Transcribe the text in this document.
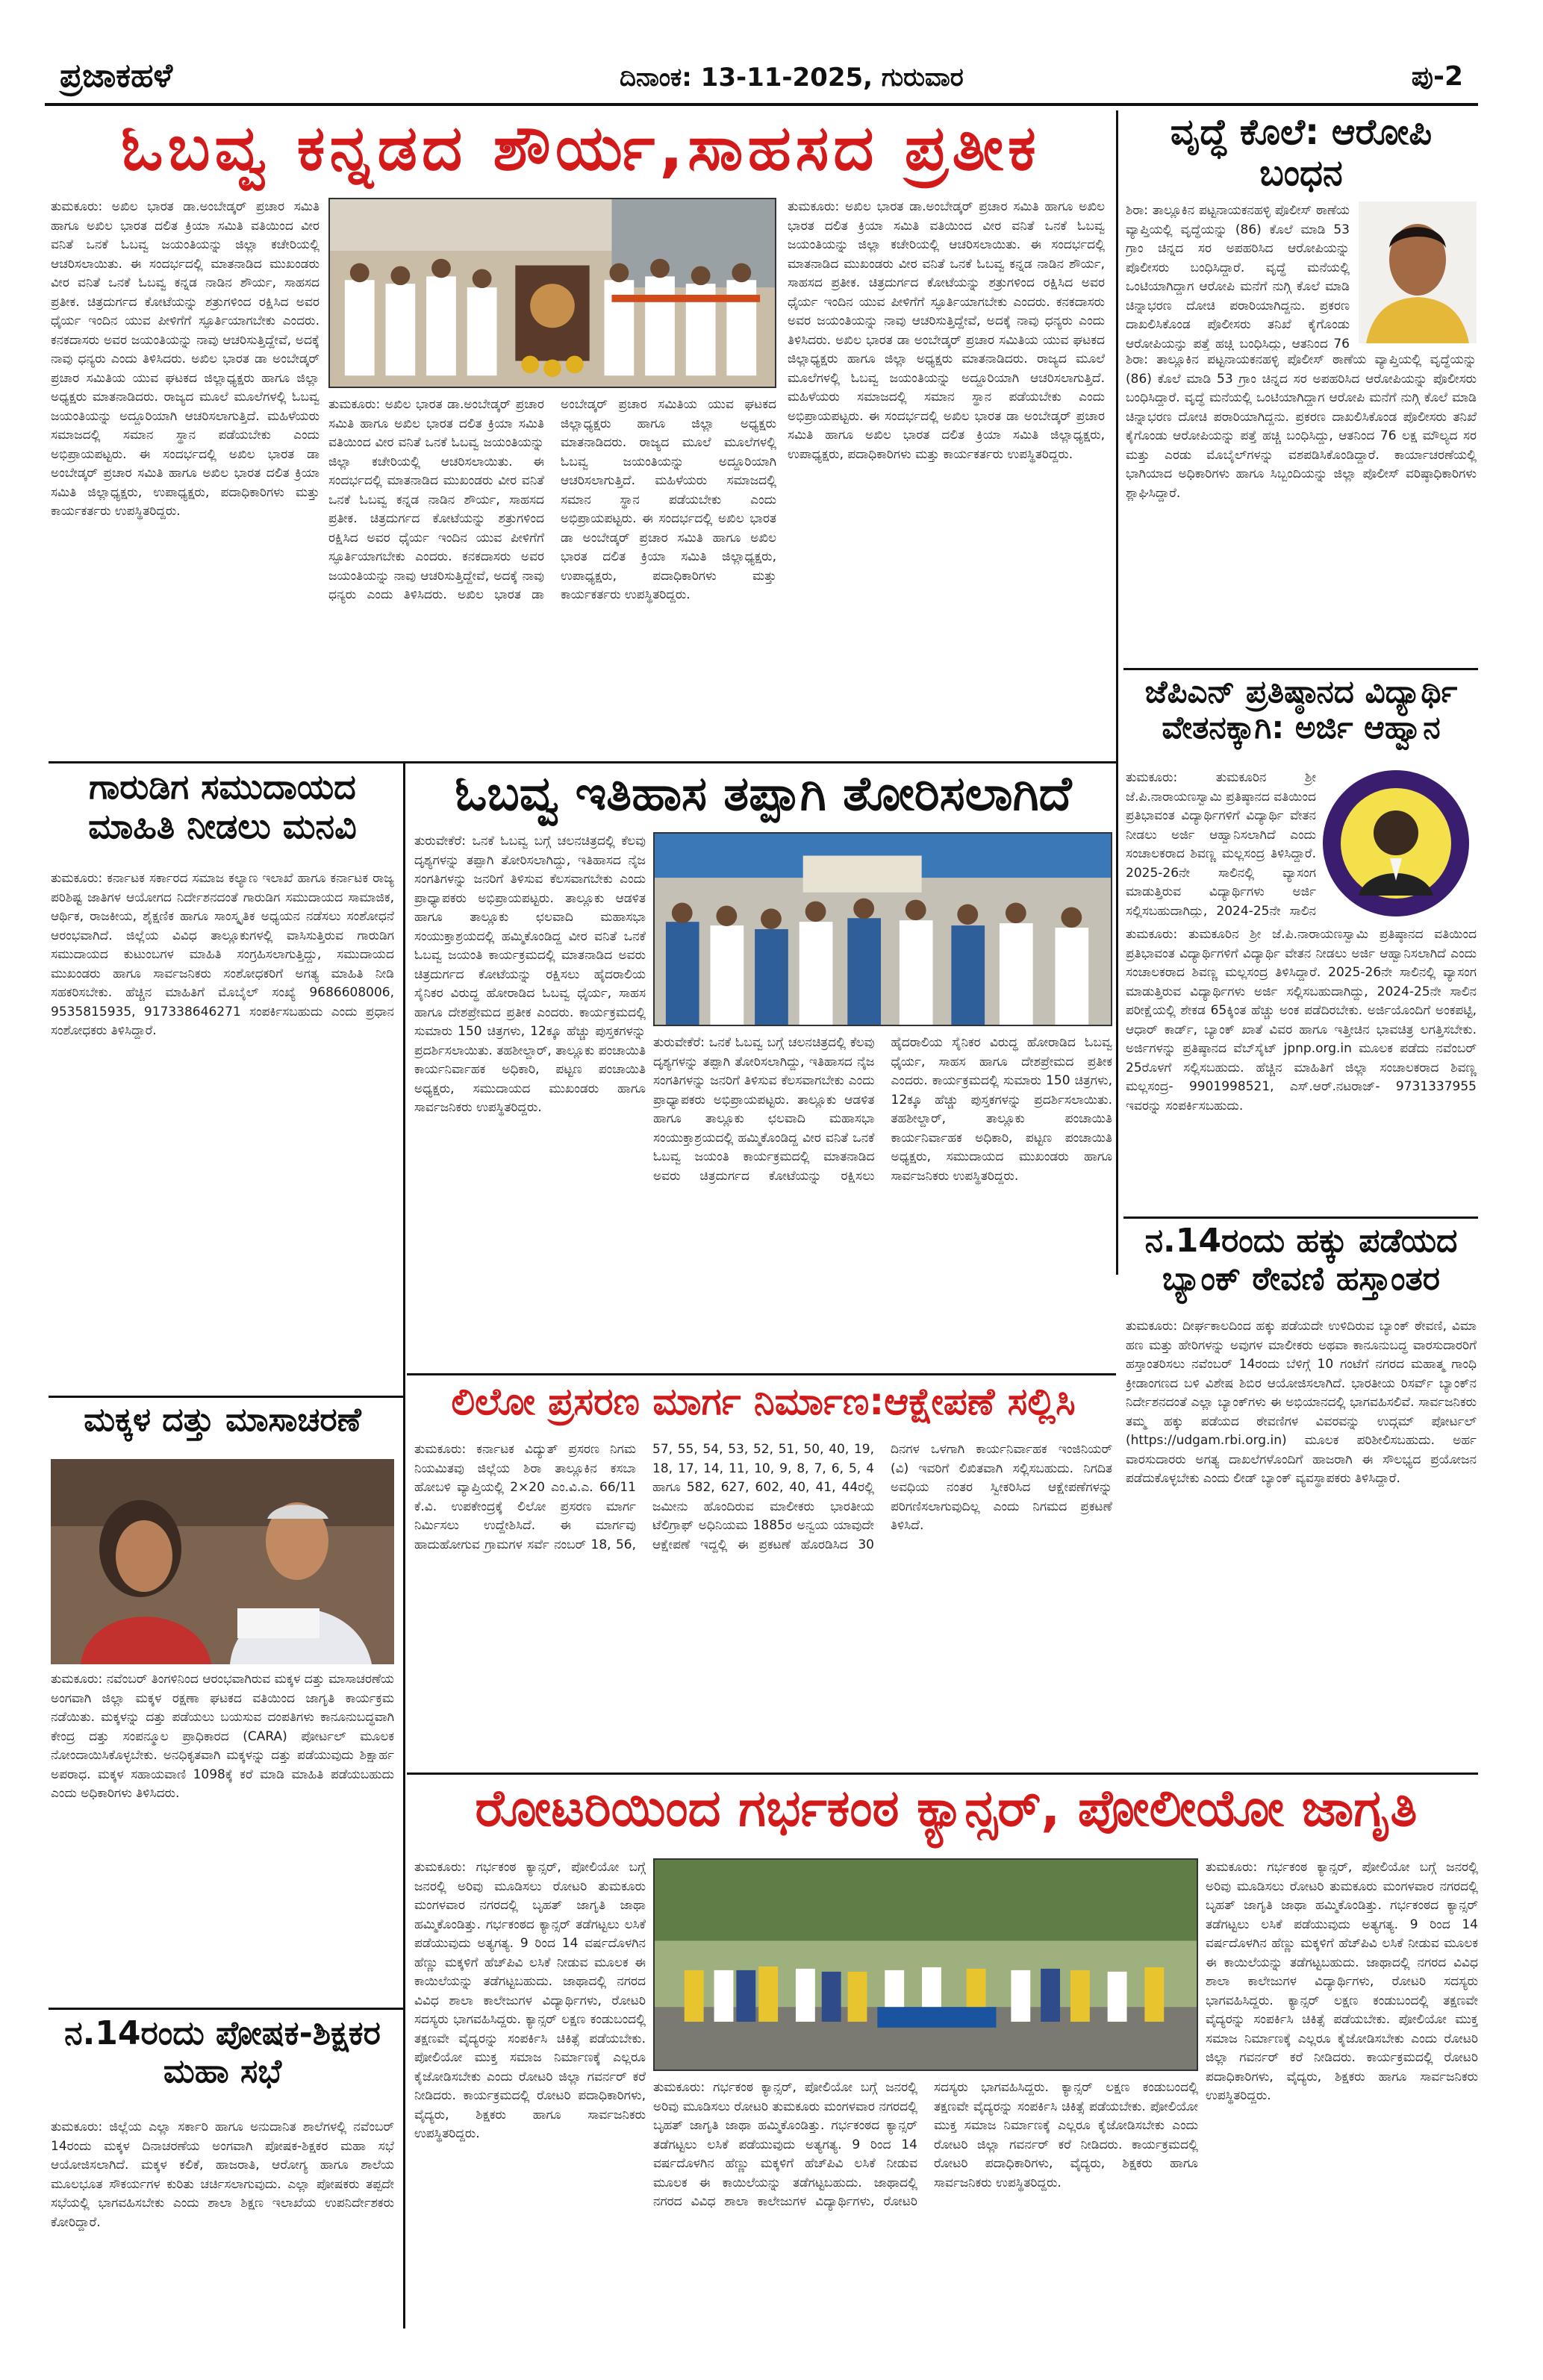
ಪ್ರಜಾಕಹಳೆ	ದಿನಾಂಕ: 13-11-2025, ಗುರುವಾರ	ಪು-2
ಓಬವ್ವ ಕನ್ನಡದ ಶೌರ್ಯ,ಸಾಹಸದ ಪ್ರತೀಕ
ತುಮಕೂರು: ಅಖಿಲ ಭಾರತ ಡಾ.ಅಂಬೇಡ್ಕರ್ ಪ್ರಚಾರ ಸಮಿತಿ ಹಾಗೂ ಅಖಿಲ ಭಾರತ ದಲಿತ ಕ್ರಿಯಾ ಸಮಿತಿ ವತಿಯಿಂದ ವೀರ ವನಿತೆ ಒನಕೆ ಓಬವ್ವ ಜಯಂತಿಯನ್ನು ಜಿಲ್ಲಾ ಕಚೇರಿಯಲ್ಲಿ ಆಚರಿಸಲಾಯಿತು. ಈ ಸಂದರ್ಭದಲ್ಲಿ ಮಾತನಾಡಿದ ಮುಖಂಡರು ವೀರ ವನಿತೆ ಒನಕೆ ಓಬವ್ವ ಕನ್ನಡ ನಾಡಿನ ಶೌರ್ಯ, ಸಾಹಸದ ಪ್ರತೀಕ. ಚಿತ್ರದುರ್ಗದ ಕೋಟೆಯನ್ನು ಶತ್ರುಗಳಿಂದ ರಕ್ಷಿಸಿದ ಅವರ ಧೈರ್ಯ ಇಂದಿನ ಯುವ ಪೀಳಿಗೆಗೆ ಸ್ಫೂರ್ತಿಯಾಗಬೇಕು ಎಂದರು. ಕನಕದಾಸರು ಅವರ ಜಯಂತಿಯನ್ನು ನಾವು ಆಚರಿಸುತ್ತಿದ್ದೇವೆ, ಅದಕ್ಕೆ ನಾವು ಧನ್ಯರು ಎಂದು ತಿಳಿಸಿದರು. ಅಖಿಲ ಭಾರತ ಡಾ ಅಂಬೇಡ್ಕರ್ ಪ್ರಚಾರ ಸಮಿತಿಯ ಯುವ ಘಟಕದ ಜಿಲ್ಲಾಧ್ಯಕ್ಷರು ಹಾಗೂ ಜಿಲ್ಲಾ ಅಧ್ಯಕ್ಷರು ಮಾತನಾಡಿದರು. ರಾಜ್ಯದ ಮೂಲೆ ಮೂಲೆಗಳಲ್ಲಿ ಓಬವ್ವ ಜಯಂತಿಯನ್ನು ಅದ್ದೂರಿಯಾಗಿ ಆಚರಿಸಲಾಗುತ್ತಿದೆ. ಮಹಿಳೆಯರು ಸಮಾಜದಲ್ಲಿ ಸಮಾನ ಸ್ಥಾನ ಪಡೆಯಬೇಕು ಎಂದು ಅಭಿಪ್ರಾಯಪಟ್ಟರು. ಈ ಸಂದರ್ಭದಲ್ಲಿ ಅಖಿಲ ಭಾರತ ಡಾ ಅಂಬೇಡ್ಕರ್ ಪ್ರಚಾರ ಸಮಿತಿ ಹಾಗೂ ಅಖಿಲ ಭಾರತ ದಲಿತ ಕ್ರಿಯಾ ಸಮಿತಿ ಜಿಲ್ಲಾಧ್ಯಕ್ಷರು, ಉಪಾಧ್ಯಕ್ಷರು, ಪದಾಧಿಕಾರಿಗಳು ಮತ್ತು ಕಾರ್ಯಕರ್ತರು ಉಪಸ್ಥಿತರಿದ್ದರು.
ತುಮಕೂರು: ಅಖಿಲ ಭಾರತ ಡಾ.ಅಂಬೇಡ್ಕರ್ ಪ್ರಚಾರ ಸಮಿತಿ ಹಾಗೂ ಅಖಿಲ ಭಾರತ ದಲಿತ ಕ್ರಿಯಾ ಸಮಿತಿ ವತಿಯಿಂದ ವೀರ ವನಿತೆ ಒನಕೆ ಓಬವ್ವ ಜಯಂತಿಯನ್ನು ಜಿಲ್ಲಾ ಕಚೇರಿಯಲ್ಲಿ ಆಚರಿಸಲಾಯಿತು. ಈ ಸಂದರ್ಭದಲ್ಲಿ ಮಾತನಾಡಿದ ಮುಖಂಡರು ವೀರ ವನಿತೆ ಒನಕೆ ಓಬವ್ವ ಕನ್ನಡ ನಾಡಿನ ಶೌರ್ಯ, ಸಾಹಸದ ಪ್ರತೀಕ. ಚಿತ್ರದುರ್ಗದ ಕೋಟೆಯನ್ನು ಶತ್ರುಗಳಿಂದ ರಕ್ಷಿಸಿದ ಅವರ ಧೈರ್ಯ ಇಂದಿನ ಯುವ ಪೀಳಿಗೆಗೆ ಸ್ಫೂರ್ತಿಯಾಗಬೇಕು ಎಂದರು. ಕನಕದಾಸರು ಅವರ ಜಯಂತಿಯನ್ನು ನಾವು ಆಚರಿಸುತ್ತಿದ್ದೇವೆ, ಅದಕ್ಕೆ ನಾವು ಧನ್ಯರು ಎಂದು ತಿಳಿಸಿದರು. ಅಖಿಲ ಭಾರತ ಡಾ ಅಂಬೇಡ್ಕರ್ ಪ್ರಚಾರ ಸಮಿತಿಯ ಯುವ ಘಟಕದ ಜಿಲ್ಲಾಧ್ಯಕ್ಷರು ಹಾಗೂ ಜಿಲ್ಲಾ ಅಧ್ಯಕ್ಷರು ಮಾತನಾಡಿದರು. ರಾಜ್ಯದ ಮೂಲೆ ಮೂಲೆಗಳಲ್ಲಿ ಓಬವ್ವ ಜಯಂತಿಯನ್ನು ಅದ್ದೂರಿಯಾಗಿ ಆಚರಿಸಲಾಗುತ್ತಿದೆ. ಮಹಿಳೆಯರು ಸಮಾಜದಲ್ಲಿ ಸಮಾನ ಸ್ಥಾನ ಪಡೆಯಬೇಕು ಎಂದು ಅಭಿಪ್ರಾಯಪಟ್ಟರು. ಈ ಸಂದರ್ಭದಲ್ಲಿ ಅಖಿಲ ಭಾರತ ಡಾ ಅಂಬೇಡ್ಕರ್ ಪ್ರಚಾರ ಸಮಿತಿ ಹಾಗೂ ಅಖಿಲ ಭಾರತ ದಲಿತ ಕ್ರಿಯಾ ಸಮಿತಿ ಜಿಲ್ಲಾಧ್ಯಕ್ಷರು, ಉಪಾಧ್ಯಕ್ಷರು, ಪದಾಧಿಕಾರಿಗಳು ಮತ್ತು ಕಾರ್ಯಕರ್ತರು ಉಪಸ್ಥಿತರಿದ್ದರು.
ತುಮಕೂರು: ಅಖಿಲ ಭಾರತ ಡಾ.ಅಂಬೇಡ್ಕರ್ ಪ್ರಚಾರ ಸಮಿತಿ ಹಾಗೂ ಅಖಿಲ ಭಾರತ ದಲಿತ ಕ್ರಿಯಾ ಸಮಿತಿ ವತಿಯಿಂದ ವೀರ ವನಿತೆ ಒನಕೆ ಓಬವ್ವ ಜಯಂತಿಯನ್ನು ಜಿಲ್ಲಾ ಕಚೇರಿಯಲ್ಲಿ ಆಚರಿಸಲಾಯಿತು. ಈ ಸಂದರ್ಭದಲ್ಲಿ ಮಾತನಾಡಿದ ಮುಖಂಡರು ವೀರ ವನಿತೆ ಒನಕೆ ಓಬವ್ವ ಕನ್ನಡ ನಾಡಿನ ಶೌರ್ಯ, ಸಾಹಸದ ಪ್ರತೀಕ. ಚಿತ್ರದುರ್ಗದ ಕೋಟೆಯನ್ನು ಶತ್ರುಗಳಿಂದ ರಕ್ಷಿಸಿದ ಅವರ ಧೈರ್ಯ ಇಂದಿನ ಯುವ ಪೀಳಿಗೆಗೆ ಸ್ಫೂರ್ತಿಯಾಗಬೇಕು ಎಂದರು. ಕನಕದಾಸರು ಅವರ ಜಯಂತಿಯನ್ನು ನಾವು ಆಚರಿಸುತ್ತಿದ್ದೇವೆ, ಅದಕ್ಕೆ ನಾವು ಧನ್ಯರು ಎಂದು ತಿಳಿಸಿದರು. ಅಖಿಲ ಭಾರತ ಡಾ ಅಂಬೇಡ್ಕರ್ ಪ್ರಚಾರ ಸಮಿತಿಯ ಯುವ ಘಟಕದ ಜಿಲ್ಲಾಧ್ಯಕ್ಷರು ಹಾಗೂ ಜಿಲ್ಲಾ ಅಧ್ಯಕ್ಷರು ಮಾತನಾಡಿದರು. ರಾಜ್ಯದ ಮೂಲೆ ಮೂಲೆಗಳಲ್ಲಿ ಓಬವ್ವ ಜಯಂತಿಯನ್ನು ಅದ್ದೂರಿಯಾಗಿ ಆಚರಿಸಲಾಗುತ್ತಿದೆ. ಮಹಿಳೆಯರು ಸಮಾಜದಲ್ಲಿ ಸಮಾನ ಸ್ಥಾನ ಪಡೆಯಬೇಕು ಎಂದು ಅಭಿಪ್ರಾಯಪಟ್ಟರು. ಈ ಸಂದರ್ಭದಲ್ಲಿ ಅಖಿಲ ಭಾರತ ಡಾ ಅಂಬೇಡ್ಕರ್ ಪ್ರಚಾರ ಸಮಿತಿ ಹಾಗೂ ಅಖಿಲ ಭಾರತ ದಲಿತ ಕ್ರಿಯಾ ಸಮಿತಿ ಜಿಲ್ಲಾಧ್ಯಕ್ಷರು, ಉಪಾಧ್ಯಕ್ಷರು, ಪದಾಧಿಕಾರಿಗಳು ಮತ್ತು ಕಾರ್ಯಕರ್ತರು ಉಪಸ್ಥಿತರಿದ್ದರು.
ವೃದ್ಧೆ ಕೊಲೆ: ಆರೋಪಿ ಬಂಧನ
ಶಿರಾ: ತಾಲ್ಲೂಕಿನ ಪಟ್ಟನಾಯಕನಹಳ್ಳಿ ಪೊಲೀಸ್ ಠಾಣೆಯ ವ್ಯಾಪ್ತಿಯಲ್ಲಿ ವೃದ್ಧೆಯನ್ನು (86) ಕೊಲೆ ಮಾಡಿ 53 ಗ್ರಾಂ ಚಿನ್ನದ ಸರ ಅಪಹರಿಸಿದ ಆರೋಪಿಯನ್ನು ಪೊಲೀಸರು ಬಂಧಿಸಿದ್ದಾರೆ. ವೃದ್ಧೆ ಮನೆಯಲ್ಲಿ ಒಂಟಿಯಾಗಿದ್ದಾಗ ಆರೋಪಿ ಮನೆಗೆ ನುಗ್ಗಿ ಕೊಲೆ ಮಾಡಿ ಚಿನ್ನಾಭರಣ ದೋಚಿ ಪರಾರಿಯಾಗಿದ್ದನು. ಪ್ರಕರಣ ದಾಖಲಿಸಿಕೊಂಡ ಪೊಲೀಸರು ತನಿಖೆ ಕೈಗೊಂಡು ಆರೋಪಿಯನ್ನು ಪತ್ತೆ ಹಚ್ಚಿ ಬಂಧಿಸಿದ್ದು, ಆತನಿಂದ 76
ಶಿರಾ: ತಾಲ್ಲೂಕಿನ ಪಟ್ಟನಾಯಕನಹಳ್ಳಿ ಪೊಲೀಸ್ ಠಾಣೆಯ ವ್ಯಾಪ್ತಿಯಲ್ಲಿ ವೃದ್ಧೆಯನ್ನು (86) ಕೊಲೆ ಮಾಡಿ 53 ಗ್ರಾಂ ಚಿನ್ನದ ಸರ ಅಪಹರಿಸಿದ ಆರೋಪಿಯನ್ನು ಪೊಲೀಸರು ಬಂಧಿಸಿದ್ದಾರೆ. ವೃದ್ಧೆ ಮನೆಯಲ್ಲಿ ಒಂಟಿಯಾಗಿದ್ದಾಗ ಆರೋಪಿ ಮನೆಗೆ ನುಗ್ಗಿ ಕೊಲೆ ಮಾಡಿ ಚಿನ್ನಾಭರಣ ದೋಚಿ ಪರಾರಿಯಾಗಿದ್ದನು. ಪ್ರಕರಣ ದಾಖಲಿಸಿಕೊಂಡ ಪೊಲೀಸರು ತನಿಖೆ ಕೈಗೊಂಡು ಆರೋಪಿಯನ್ನು ಪತ್ತೆ ಹಚ್ಚಿ ಬಂಧಿಸಿದ್ದು, ಆತನಿಂದ 76 ಲಕ್ಷ ಮೌಲ್ಯದ ಸರ ಮತ್ತು ಎರಡು ಮೊಬೈಲ್‌ಗಳನ್ನು ವಶಪಡಿಸಿಕೊಂಡಿದ್ದಾರೆ. ಕಾರ್ಯಾಚರಣೆಯಲ್ಲಿ ಭಾಗಿಯಾದ ಅಧಿಕಾರಿಗಳು ಹಾಗೂ ಸಿಬ್ಬಂದಿಯನ್ನು ಜಿಲ್ಲಾ ಪೊಲೀಸ್ ವರಿಷ್ಠಾಧಿಕಾರಿಗಳು ಶ್ಲಾಘಿಸಿದ್ದಾರೆ.
ಜೆಪಿಎನ್ ಪ್ರತಿಷ್ಠಾನದ ವಿದ್ಯಾರ್ಥಿ ವೇತನಕ್ಕಾಗಿ: ಅರ್ಜಿ ಆಹ್ವಾನ
ತುಮಕೂರು: ತುಮಕೂರಿನ ಶ್ರೀ ಜೆ.ಪಿ.ನಾರಾಯಣಸ್ವಾಮಿ ಪ್ರತಿಷ್ಠಾನದ ವತಿಯಿಂದ ಪ್ರತಿಭಾವಂತ ವಿದ್ಯಾರ್ಥಿಗಳಿಗೆ ವಿದ್ಯಾರ್ಥಿ ವೇತನ ನೀಡಲು ಅರ್ಜಿ ಆಹ್ವಾನಿಸಲಾಗಿದೆ ಎಂದು ಸಂಚಾಲಕರಾದ ಶಿವಣ್ಣ ಮಲ್ಲಸಂದ್ರ ತಿಳಿಸಿದ್ದಾರೆ. 2025-26ನೇ ಸಾಲಿನಲ್ಲಿ ವ್ಯಾಸಂಗ ಮಾಡುತ್ತಿರುವ ವಿದ್ಯಾರ್ಥಿಗಳು ಅರ್ಜಿ ಸಲ್ಲಿಸಬಹುದಾಗಿದ್ದು, 2024-25ನೇ ಸಾಲಿನ
ತುಮಕೂರು: ತುಮಕೂರಿನ ಶ್ರೀ ಜೆ.ಪಿ.ನಾರಾಯಣಸ್ವಾಮಿ ಪ್ರತಿಷ್ಠಾನದ ವತಿಯಿಂದ ಪ್ರತಿಭಾವಂತ ವಿದ್ಯಾರ್ಥಿಗಳಿಗೆ ವಿದ್ಯಾರ್ಥಿ ವೇತನ ನೀಡಲು ಅರ್ಜಿ ಆಹ್ವಾನಿಸಲಾಗಿದೆ ಎಂದು ಸಂಚಾಲಕರಾದ ಶಿವಣ್ಣ ಮಲ್ಲಸಂದ್ರ ತಿಳಿಸಿದ್ದಾರೆ. 2025-26ನೇ ಸಾಲಿನಲ್ಲಿ ವ್ಯಾಸಂಗ ಮಾಡುತ್ತಿರುವ ವಿದ್ಯಾರ್ಥಿಗಳು ಅರ್ಜಿ ಸಲ್ಲಿಸಬಹುದಾಗಿದ್ದು, 2024-25ನೇ ಸಾಲಿನ ಪರೀಕ್ಷೆಯಲ್ಲಿ ಶೇಕಡ 65ಕ್ಕಿಂತ ಹೆಚ್ಚು ಅಂಕ ಪಡೆದಿರಬೇಕು. ಅರ್ಜಿಯೊಂದಿಗೆ ಅಂಕಪಟ್ಟಿ, ಆಧಾರ್ ಕಾರ್ಡ್, ಬ್ಯಾಂಕ್ ಖಾತೆ ವಿವರ ಹಾಗೂ ಇತ್ತೀಚಿನ ಭಾವಚಿತ್ರ ಲಗತ್ತಿಸಬೇಕು. ಅರ್ಜಿಗಳನ್ನು ಪ್ರತಿಷ್ಠಾನದ ವೆಬ್‌ಸೈಟ್ jpnp.org.in ಮೂಲಕ ಪಡೆದು ನವೆಂಬರ್ 25ರೊಳಗೆ ಸಲ್ಲಿಸಬಹುದು. ಹೆಚ್ಚಿನ ಮಾಹಿತಿಗೆ ಜಿಲ್ಲಾ ಸಂಚಾಲಕರಾದ ಶಿವಣ್ಣ ಮಲ್ಲಸಂದ್ರ- 9901998521, ಎಸ್.ಆರ್.ನಟರಾಜ್- 9731337955 ಇವರನ್ನು ಸಂಪರ್ಕಿಸಬಹುದು.
ನ.14ರಂದು ಹಕ್ಕು ಪಡೆಯದ ಬ್ಯಾಂಕ್ ಠೇವಣಿ ಹಸ್ತಾಂತರ
ತುಮಕೂರು: ದೀರ್ಘಕಾಲದಿಂದ ಹಕ್ಕು ಪಡೆಯದೇ ಉಳಿದಿರುವ ಬ್ಯಾಂಕ್ ಠೇವಣಿ, ವಿಮಾ ಹಣ ಮತ್ತು ಹೇರಿಗಳನ್ನು ಅವುಗಳ ಮಾಲೀಕರು ಅಥವಾ ಕಾನೂನುಬದ್ಧ ವಾರಸುದಾರರಿಗೆ ಹಸ್ತಾಂತರಿಸಲು ನವೆಂಬರ್ 14ರಂದು ಬೆಳಿಗ್ಗೆ 10 ಗಂಟೆಗೆ ನಗರದ ಮಹಾತ್ಮ ಗಾಂಧಿ ಕ್ರೀಡಾಂಗಣದ ಬಳಿ ವಿಶೇಷ ಶಿಬಿರ ಆಯೋಜಿಸಲಾಗಿದೆ. ಭಾರತೀಯ ರಿಸರ್ವ್ ಬ್ಯಾಂಕ್‌ನ ನಿರ್ದೇಶನದಂತೆ ಎಲ್ಲಾ ಬ್ಯಾಂಕ್‌ಗಳು ಈ ಅಭಿಯಾನದಲ್ಲಿ ಭಾಗವಹಿಸಲಿವೆ. ಸಾರ್ವಜನಿಕರು ತಮ್ಮ ಹಕ್ಕು ಪಡೆಯದ ಠೇವಣಿಗಳ ವಿವರವನ್ನು ಉದ್ಗಮ್ ಪೋರ್ಟಲ್ (https://udgam.rbi.org.in) ಮೂಲಕ ಪರಿಶೀಲಿಸಬಹುದು. ಅರ್ಹ ವಾರಸುದಾರರು ಅಗತ್ಯ ದಾಖಲೆಗಳೊಂದಿಗೆ ಹಾಜರಾಗಿ ಈ ಸೌಲಭ್ಯದ ಪ್ರಯೋಜನ ಪಡೆದುಕೊಳ್ಳಬೇಕು ಎಂದು ಲೀಡ್ ಬ್ಯಾಂಕ್ ವ್ಯವಸ್ಥಾಪಕರು ತಿಳಿಸಿದ್ದಾರೆ.
ಗಾರುಡಿಗ ಸಮುದಾಯದ ಮಾಹಿತಿ ನೀಡಲು ಮನವಿ
ತುಮಕೂರು: ಕರ್ನಾಟಕ ಸರ್ಕಾರದ ಸಮಾಜ ಕಲ್ಯಾಣ ಇಲಾಖೆ ಹಾಗೂ ಕರ್ನಾಟಕ ರಾಜ್ಯ ಪರಿಶಿಷ್ಟ ಜಾತಿಗಳ ಆಯೋಗದ ನಿರ್ದೇಶನದಂತೆ ಗಾರುಡಿಗ ಸಮುದಾಯದ ಸಾಮಾಜಿಕ, ಆರ್ಥಿಕ, ರಾಜಕೀಯ, ಶೈಕ್ಷಣಿಕ ಹಾಗೂ ಸಾಂಸ್ಕೃತಿಕ ಅಧ್ಯಯನ ನಡೆಸಲು ಸಂಶೋಧನೆ ಆರಂಭವಾಗಿದೆ. ಜಿಲ್ಲೆಯ ವಿವಿಧ ತಾಲ್ಲೂಕುಗಳಲ್ಲಿ ವಾಸಿಸುತ್ತಿರುವ ಗಾರುಡಿಗ ಸಮುದಾಯದ ಕುಟುಂಬಗಳ ಮಾಹಿತಿ ಸಂಗ್ರಹಿಸಲಾಗುತ್ತಿದ್ದು, ಸಮುದಾಯದ ಮುಖಂಡರು ಹಾಗೂ ಸಾರ್ವಜನಿಕರು ಸಂಶೋಧಕರಿಗೆ ಅಗತ್ಯ ಮಾಹಿತಿ ನೀಡಿ ಸಹಕರಿಸಬೇಕು. ಹೆಚ್ಚಿನ ಮಾಹಿತಿಗೆ ಮೊಬೈಲ್ ಸಂಖ್ಯೆ 9686608006, 9535815935, 917338646271 ಸಂಪರ್ಕಿಸಬಹುದು ಎಂದು ಪ್ರಧಾನ ಸಂಶೋಧಕರು ತಿಳಿಸಿದ್ದಾರೆ.
ಓಬವ್ವ ಇತಿಹಾಸ ತಪ್ಪಾಗಿ ತೋರಿಸಲಾಗಿದೆ
ತುರುವೇಕೆರೆ: ಒನಕೆ ಓಬವ್ವ ಬಗ್ಗೆ ಚಲನಚಿತ್ರದಲ್ಲಿ ಕೆಲವು ದೃಶ್ಯಗಳನ್ನು ತಪ್ಪಾಗಿ ತೋರಿಸಲಾಗಿದ್ದು, ಇತಿಹಾಸದ ನೈಜ ಸಂಗತಿಗಳನ್ನು ಜನರಿಗೆ ತಿಳಿಸುವ ಕೆಲಸವಾಗಬೇಕು ಎಂದು ಪ್ರಾಧ್ಯಾಪಕರು ಅಭಿಪ್ರಾಯಪಟ್ಟರು. ತಾಲ್ಲೂಕು ಆಡಳಿತ ಹಾಗೂ ತಾಲ್ಲೂಕು ಛಲವಾದಿ ಮಹಾಸಭಾ ಸಂಯುಕ್ತಾಶ್ರಯದಲ್ಲಿ ಹಮ್ಮಿಕೊಂಡಿದ್ದ ವೀರ ವನಿತೆ ಒನಕೆ ಓಬವ್ವ ಜಯಂತಿ ಕಾರ್ಯಕ್ರಮದಲ್ಲಿ ಮಾತನಾಡಿದ ಅವರು ಚಿತ್ರದುರ್ಗದ ಕೋಟೆಯನ್ನು ರಕ್ಷಿಸಲು ಹೈದರಾಲಿಯ ಸೈನಿಕರ ವಿರುದ್ಧ ಹೋರಾಡಿದ ಓಬವ್ವ ಧೈರ್ಯ, ಸಾಹಸ ಹಾಗೂ ದೇಶಪ್ರೇಮದ ಪ್ರತೀಕ ಎಂದರು. ಕಾರ್ಯಕ್ರಮದಲ್ಲಿ ಸುಮಾರು 150 ಚಿತ್ರಗಳು, 12ಕ್ಕೂ ಹೆಚ್ಚು ಪುಸ್ತಕಗಳನ್ನು ಪ್ರದರ್ಶಿಸಲಾಯಿತು. ತಹಶೀಲ್ದಾರ್, ತಾಲ್ಲೂಕು ಪಂಚಾಯಿತಿ ಕಾರ್ಯನಿರ್ವಾಹಕ ಅಧಿಕಾರಿ, ಪಟ್ಟಣ ಪಂಚಾಯಿತಿ ಅಧ್ಯಕ್ಷರು, ಸಮುದಾಯದ ಮುಖಂಡರು ಹಾಗೂ ಸಾರ್ವಜನಿಕರು ಉಪಸ್ಥಿತರಿದ್ದರು.
ತುರುವೇಕೆರೆ: ಒನಕೆ ಓಬವ್ವ ಬಗ್ಗೆ ಚಲನಚಿತ್ರದಲ್ಲಿ ಕೆಲವು ದೃಶ್ಯಗಳನ್ನು ತಪ್ಪಾಗಿ ತೋರಿಸಲಾಗಿದ್ದು, ಇತಿಹಾಸದ ನೈಜ ಸಂಗತಿಗಳನ್ನು ಜನರಿಗೆ ತಿಳಿಸುವ ಕೆಲಸವಾಗಬೇಕು ಎಂದು ಪ್ರಾಧ್ಯಾಪಕರು ಅಭಿಪ್ರಾಯಪಟ್ಟರು. ತಾಲ್ಲೂಕು ಆಡಳಿತ ಹಾಗೂ ತಾಲ್ಲೂಕು ಛಲವಾದಿ ಮಹಾಸಭಾ ಸಂಯುಕ್ತಾಶ್ರಯದಲ್ಲಿ ಹಮ್ಮಿಕೊಂಡಿದ್ದ ವೀರ ವನಿತೆ ಒನಕೆ ಓಬವ್ವ ಜಯಂತಿ ಕಾರ್ಯಕ್ರಮದಲ್ಲಿ ಮಾತನಾಡಿದ ಅವರು ಚಿತ್ರದುರ್ಗದ ಕೋಟೆಯನ್ನು ರಕ್ಷಿಸಲು ಹೈದರಾಲಿಯ ಸೈನಿಕರ ವಿರುದ್ಧ ಹೋರಾಡಿದ ಓಬವ್ವ ಧೈರ್ಯ, ಸಾಹಸ ಹಾಗೂ ದೇಶಪ್ರೇಮದ ಪ್ರತೀಕ ಎಂದರು. ಕಾರ್ಯಕ್ರಮದಲ್ಲಿ ಸುಮಾರು 150 ಚಿತ್ರಗಳು, 12ಕ್ಕೂ ಹೆಚ್ಚು ಪುಸ್ತಕಗಳನ್ನು ಪ್ರದರ್ಶಿಸಲಾಯಿತು. ತಹಶೀಲ್ದಾರ್, ತಾಲ್ಲೂಕು ಪಂಚಾಯಿತಿ ಕಾರ್ಯನಿರ್ವಾಹಕ ಅಧಿಕಾರಿ, ಪಟ್ಟಣ ಪಂಚಾಯಿತಿ ಅಧ್ಯಕ್ಷರು, ಸಮುದಾಯದ ಮುಖಂಡರು ಹಾಗೂ ಸಾರ್ವಜನಿಕರು ಉಪಸ್ಥಿತರಿದ್ದರು.
ಮಕ್ಕಳ ದತ್ತು ಮಾಸಾಚರಣೆ
ತುಮಕೂರು: ನವೆಂಬರ್ ತಿಂಗಳಿನಿಂದ ಆರಂಭವಾಗಿರುವ ಮಕ್ಕಳ ದತ್ತು ಮಾಸಾಚರಣೆಯ ಅಂಗವಾಗಿ ಜಿಲ್ಲಾ ಮಕ್ಕಳ ರಕ್ಷಣಾ ಘಟಕದ ವತಿಯಿಂದ ಜಾಗೃತಿ ಕಾರ್ಯಕ್ರಮ ನಡೆಯಿತು. ಮಕ್ಕಳನ್ನು ದತ್ತು ಪಡೆಯಲು ಬಯಸುವ ದಂಪತಿಗಳು ಕಾನೂನುಬದ್ಧವಾಗಿ ಕೇಂದ್ರ ದತ್ತು ಸಂಪನ್ಮೂಲ ಪ್ರಾಧಿಕಾರದ (CARA) ಪೋರ್ಟಲ್ ಮೂಲಕ ನೋಂದಾಯಿಸಿಕೊಳ್ಳಬೇಕು. ಅನಧಿಕೃತವಾಗಿ ಮಕ್ಕಳನ್ನು ದತ್ತು ಪಡೆಯುವುದು ಶಿಕ್ಷಾರ್ಹ ಅಪರಾಧ. ಮಕ್ಕಳ ಸಹಾಯವಾಣಿ 1098ಕ್ಕೆ ಕರೆ ಮಾಡಿ ಮಾಹಿತಿ ಪಡೆಯಬಹುದು ಎಂದು ಅಧಿಕಾರಿಗಳು ತಿಳಿಸಿದರು.
ನ.14ರಂದು ಪೋಷಕ-ಶಿಕ್ಷಕರ ಮಹಾ ಸಭೆ
ತುಮಕೂರು: ಜಿಲ್ಲೆಯ ಎಲ್ಲಾ ಸರ್ಕಾರಿ ಹಾಗೂ ಅನುದಾನಿತ ಶಾಲೆಗಳಲ್ಲಿ ನವೆಂಬರ್ 14ರಂದು ಮಕ್ಕಳ ದಿನಾಚರಣೆಯ ಅಂಗವಾಗಿ ಪೋಷಕ-ಶಿಕ್ಷಕರ ಮಹಾ ಸಭೆ ಆಯೋಜಿಸಲಾಗಿದೆ. ಮಕ್ಕಳ ಕಲಿಕೆ, ಹಾಜರಾತಿ, ಆರೋಗ್ಯ ಹಾಗೂ ಶಾಲೆಯ ಮೂಲಭೂತ ಸೌಕರ್ಯಗಳ ಕುರಿತು ಚರ್ಚಿಸಲಾಗುವುದು. ಎಲ್ಲಾ ಪೋಷಕರು ತಪ್ಪದೇ ಸಭೆಯಲ್ಲಿ ಭಾಗವಹಿಸಬೇಕು ಎಂದು ಶಾಲಾ ಶಿಕ್ಷಣ ಇಲಾಖೆಯ ಉಪನಿರ್ದೇಶಕರು ಕೋರಿದ್ದಾರೆ.
ಲಿಲೋ ಪ್ರಸರಣ ಮಾರ್ಗ ನಿರ್ಮಾಣ:ಆಕ್ಷೇಪಣೆ ಸಲ್ಲಿಸಿ
ತುಮಕೂರು: ಕರ್ನಾಟಕ ವಿದ್ಯುತ್ ಪ್ರಸರಣ ನಿಗಮ ನಿಯಮಿತವು ಜಿಲ್ಲೆಯ ಶಿರಾ ತಾಲ್ಲೂಕಿನ ಕಸಬಾ ಹೋಬಳಿ ವ್ಯಾಪ್ತಿಯಲ್ಲಿ 2×20 ಎಂ.ವಿ.ಎ. 66/11 ಕೆ.ವಿ. ಉಪಕೇಂದ್ರಕ್ಕೆ ಲಿಲೋ ಪ್ರಸರಣ ಮಾರ್ಗ ನಿರ್ಮಿಸಲು ಉದ್ದೇಶಿಸಿದೆ. ಈ ಮಾರ್ಗವು ಹಾದುಹೋಗುವ ಗ್ರಾಮಗಳ ಸರ್ವೆ ನಂಬರ್ 18, 56, 57, 55, 54, 53, 52, 51, 50, 40, 19, 18, 17, 14, 11, 10, 9, 8, 7, 6, 5, 4 ಹಾಗೂ 582, 627, 602, 40, 41, 44ರಲ್ಲಿ ಜಮೀನು ಹೊಂದಿರುವ ಮಾಲೀಕರು ಭಾರತೀಯ ಟೆಲಿಗ್ರಾಫ್ ಅಧಿನಿಯಮ 1885ರ ಅನ್ವಯ ಯಾವುದೇ ಆಕ್ಷೇಪಣೆ ಇದ್ದಲ್ಲಿ ಈ ಪ್ರಕಟಣೆ ಹೊರಡಿಸಿದ 30 ದಿನಗಳ ಒಳಗಾಗಿ ಕಾರ್ಯನಿರ್ವಾಹಕ ಇಂಜಿನಿಯರ್ (ವಿ) ಇವರಿಗೆ ಲಿಖಿತವಾಗಿ ಸಲ್ಲಿಸಬಹುದು. ನಿಗದಿತ ಅವಧಿಯ ನಂತರ ಸ್ವೀಕರಿಸಿದ ಆಕ್ಷೇಪಣೆಗಳನ್ನು ಪರಿಗಣಿಸಲಾಗುವುದಿಲ್ಲ ಎಂದು ನಿಗಮದ ಪ್ರಕಟಣೆ ತಿಳಿಸಿದೆ.
ರೋಟರಿಯಿಂದ ಗರ್ಭಕಂಠ ಕ್ಯಾನ್ಸರ್, ಪೋಲೀಯೋ ಜಾಗೃತಿ
ತುಮಕೂರು: ಗರ್ಭಕಂಠ ಕ್ಯಾನ್ಸರ್, ಪೋಲಿಯೋ ಬಗ್ಗೆ ಜನರಲ್ಲಿ ಅರಿವು ಮೂಡಿಸಲು ರೋಟರಿ ತುಮಕೂರು ಮಂಗಳವಾರ ನಗರದಲ್ಲಿ ಬೃಹತ್ ಜಾಗೃತಿ ಜಾಥಾ ಹಮ್ಮಿಕೊಂಡಿತ್ತು. ಗರ್ಭಕಂಠದ ಕ್ಯಾನ್ಸರ್ ತಡೆಗಟ್ಟಲು ಲಸಿಕೆ ಪಡೆಯುವುದು ಅತ್ಯಗತ್ಯ. 9 ರಿಂದ 14 ವರ್ಷದೊಳಗಿನ ಹೆಣ್ಣು ಮಕ್ಕಳಿಗೆ ಹೆಚ್‌ಪಿವಿ ಲಸಿಕೆ ನೀಡುವ ಮೂಲಕ ಈ ಕಾಯಿಲೆಯನ್ನು ತಡೆಗಟ್ಟಬಹುದು. ಜಾಥಾದಲ್ಲಿ ನಗರದ ವಿವಿಧ ಶಾಲಾ ಕಾಲೇಜುಗಳ ವಿದ್ಯಾರ್ಥಿಗಳು, ರೋಟರಿ ಸದಸ್ಯರು ಭಾಗವಹಿಸಿದ್ದರು. ಕ್ಯಾನ್ಸರ್ ಲಕ್ಷಣ ಕಂಡುಬಂದಲ್ಲಿ ತಕ್ಷಣವೇ ವೈದ್ಯರನ್ನು ಸಂಪರ್ಕಿಸಿ ಚಿಕಿತ್ಸೆ ಪಡೆಯಬೇಕು. ಪೋಲಿಯೋ ಮುಕ್ತ ಸಮಾಜ ನಿರ್ಮಾಣಕ್ಕೆ ಎಲ್ಲರೂ ಕೈಜೋಡಿಸಬೇಕು ಎಂದು ರೋಟರಿ ಜಿಲ್ಲಾ ಗವರ್ನರ್ ಕರೆ ನೀಡಿದರು. ಕಾರ್ಯಕ್ರಮದಲ್ಲಿ ರೋಟರಿ ಪದಾಧಿಕಾರಿಗಳು, ವೈದ್ಯರು, ಶಿಕ್ಷಕರು ಹಾಗೂ ಸಾರ್ವಜನಿಕರು ಉಪಸ್ಥಿತರಿದ್ದರು.
ತುಮಕೂರು: ಗರ್ಭಕಂಠ ಕ್ಯಾನ್ಸರ್, ಪೋಲಿಯೋ ಬಗ್ಗೆ ಜನರಲ್ಲಿ ಅರಿವು ಮೂಡಿಸಲು ರೋಟರಿ ತುಮಕೂರು ಮಂಗಳವಾರ ನಗರದಲ್ಲಿ ಬೃಹತ್ ಜಾಗೃತಿ ಜಾಥಾ ಹಮ್ಮಿಕೊಂಡಿತ್ತು. ಗರ್ಭಕಂಠದ ಕ್ಯಾನ್ಸರ್ ತಡೆಗಟ್ಟಲು ಲಸಿಕೆ ಪಡೆಯುವುದು ಅತ್ಯಗತ್ಯ. 9 ರಿಂದ 14 ವರ್ಷದೊಳಗಿನ ಹೆಣ್ಣು ಮಕ್ಕಳಿಗೆ ಹೆಚ್‌ಪಿವಿ ಲಸಿಕೆ ನೀಡುವ ಮೂಲಕ ಈ ಕಾಯಿಲೆಯನ್ನು ತಡೆಗಟ್ಟಬಹುದು. ಜಾಥಾದಲ್ಲಿ ನಗರದ ವಿವಿಧ ಶಾಲಾ ಕಾಲೇಜುಗಳ ವಿದ್ಯಾರ್ಥಿಗಳು, ರೋಟರಿ ಸದಸ್ಯರು ಭಾಗವಹಿಸಿದ್ದರು. ಕ್ಯಾನ್ಸರ್ ಲಕ್ಷಣ ಕಂಡುಬಂದಲ್ಲಿ ತಕ್ಷಣವೇ ವೈದ್ಯರನ್ನು ಸಂಪರ್ಕಿಸಿ ಚಿಕಿತ್ಸೆ ಪಡೆಯಬೇಕು. ಪೋಲಿಯೋ ಮುಕ್ತ ಸಮಾಜ ನಿರ್ಮಾಣಕ್ಕೆ ಎಲ್ಲರೂ ಕೈಜೋಡಿಸಬೇಕು ಎಂದು ರೋಟರಿ ಜಿಲ್ಲಾ ಗವರ್ನರ್ ಕರೆ ನೀಡಿದರು. ಕಾರ್ಯಕ್ರಮದಲ್ಲಿ ರೋಟರಿ ಪದಾಧಿಕಾರಿಗಳು, ವೈದ್ಯರು, ಶಿಕ್ಷಕರು ಹಾಗೂ ಸಾರ್ವಜನಿಕರು ಉಪಸ್ಥಿತರಿದ್ದರು.
ತುಮಕೂರು: ಗರ್ಭಕಂಠ ಕ್ಯಾನ್ಸರ್, ಪೋಲಿಯೋ ಬಗ್ಗೆ ಜನರಲ್ಲಿ ಅರಿವು ಮೂಡಿಸಲು ರೋಟರಿ ತುಮಕೂರು ಮಂಗಳವಾರ ನಗರದಲ್ಲಿ ಬೃಹತ್ ಜಾಗೃತಿ ಜಾಥಾ ಹಮ್ಮಿಕೊಂಡಿತ್ತು. ಗರ್ಭಕಂಠದ ಕ್ಯಾನ್ಸರ್ ತಡೆಗಟ್ಟಲು ಲಸಿಕೆ ಪಡೆಯುವುದು ಅತ್ಯಗತ್ಯ. 9 ರಿಂದ 14 ವರ್ಷದೊಳಗಿನ ಹೆಣ್ಣು ಮಕ್ಕಳಿಗೆ ಹೆಚ್‌ಪಿವಿ ಲಸಿಕೆ ನೀಡುವ ಮೂಲಕ ಈ ಕಾಯಿಲೆಯನ್ನು ತಡೆಗಟ್ಟಬಹುದು. ಜಾಥಾದಲ್ಲಿ ನಗರದ ವಿವಿಧ ಶಾಲಾ ಕಾಲೇಜುಗಳ ವಿದ್ಯಾರ್ಥಿಗಳು, ರೋಟರಿ ಸದಸ್ಯರು ಭಾಗವಹಿಸಿದ್ದರು. ಕ್ಯಾನ್ಸರ್ ಲಕ್ಷಣ ಕಂಡುಬಂದಲ್ಲಿ ತಕ್ಷಣವೇ ವೈದ್ಯರನ್ನು ಸಂಪರ್ಕಿಸಿ ಚಿಕಿತ್ಸೆ ಪಡೆಯಬೇಕು. ಪೋಲಿಯೋ ಮುಕ್ತ ಸಮಾಜ ನಿರ್ಮಾಣಕ್ಕೆ ಎಲ್ಲರೂ ಕೈಜೋಡಿಸಬೇಕು ಎಂದು ರೋಟರಿ ಜಿಲ್ಲಾ ಗವರ್ನರ್ ಕರೆ ನೀಡಿದರು. ಕಾರ್ಯಕ್ರಮದಲ್ಲಿ ರೋಟರಿ ಪದಾಧಿಕಾರಿಗಳು, ವೈದ್ಯರು, ಶಿಕ್ಷಕರು ಹಾಗೂ ಸಾರ್ವಜನಿಕರು ಉಪಸ್ಥಿತರಿದ್ದರು.
